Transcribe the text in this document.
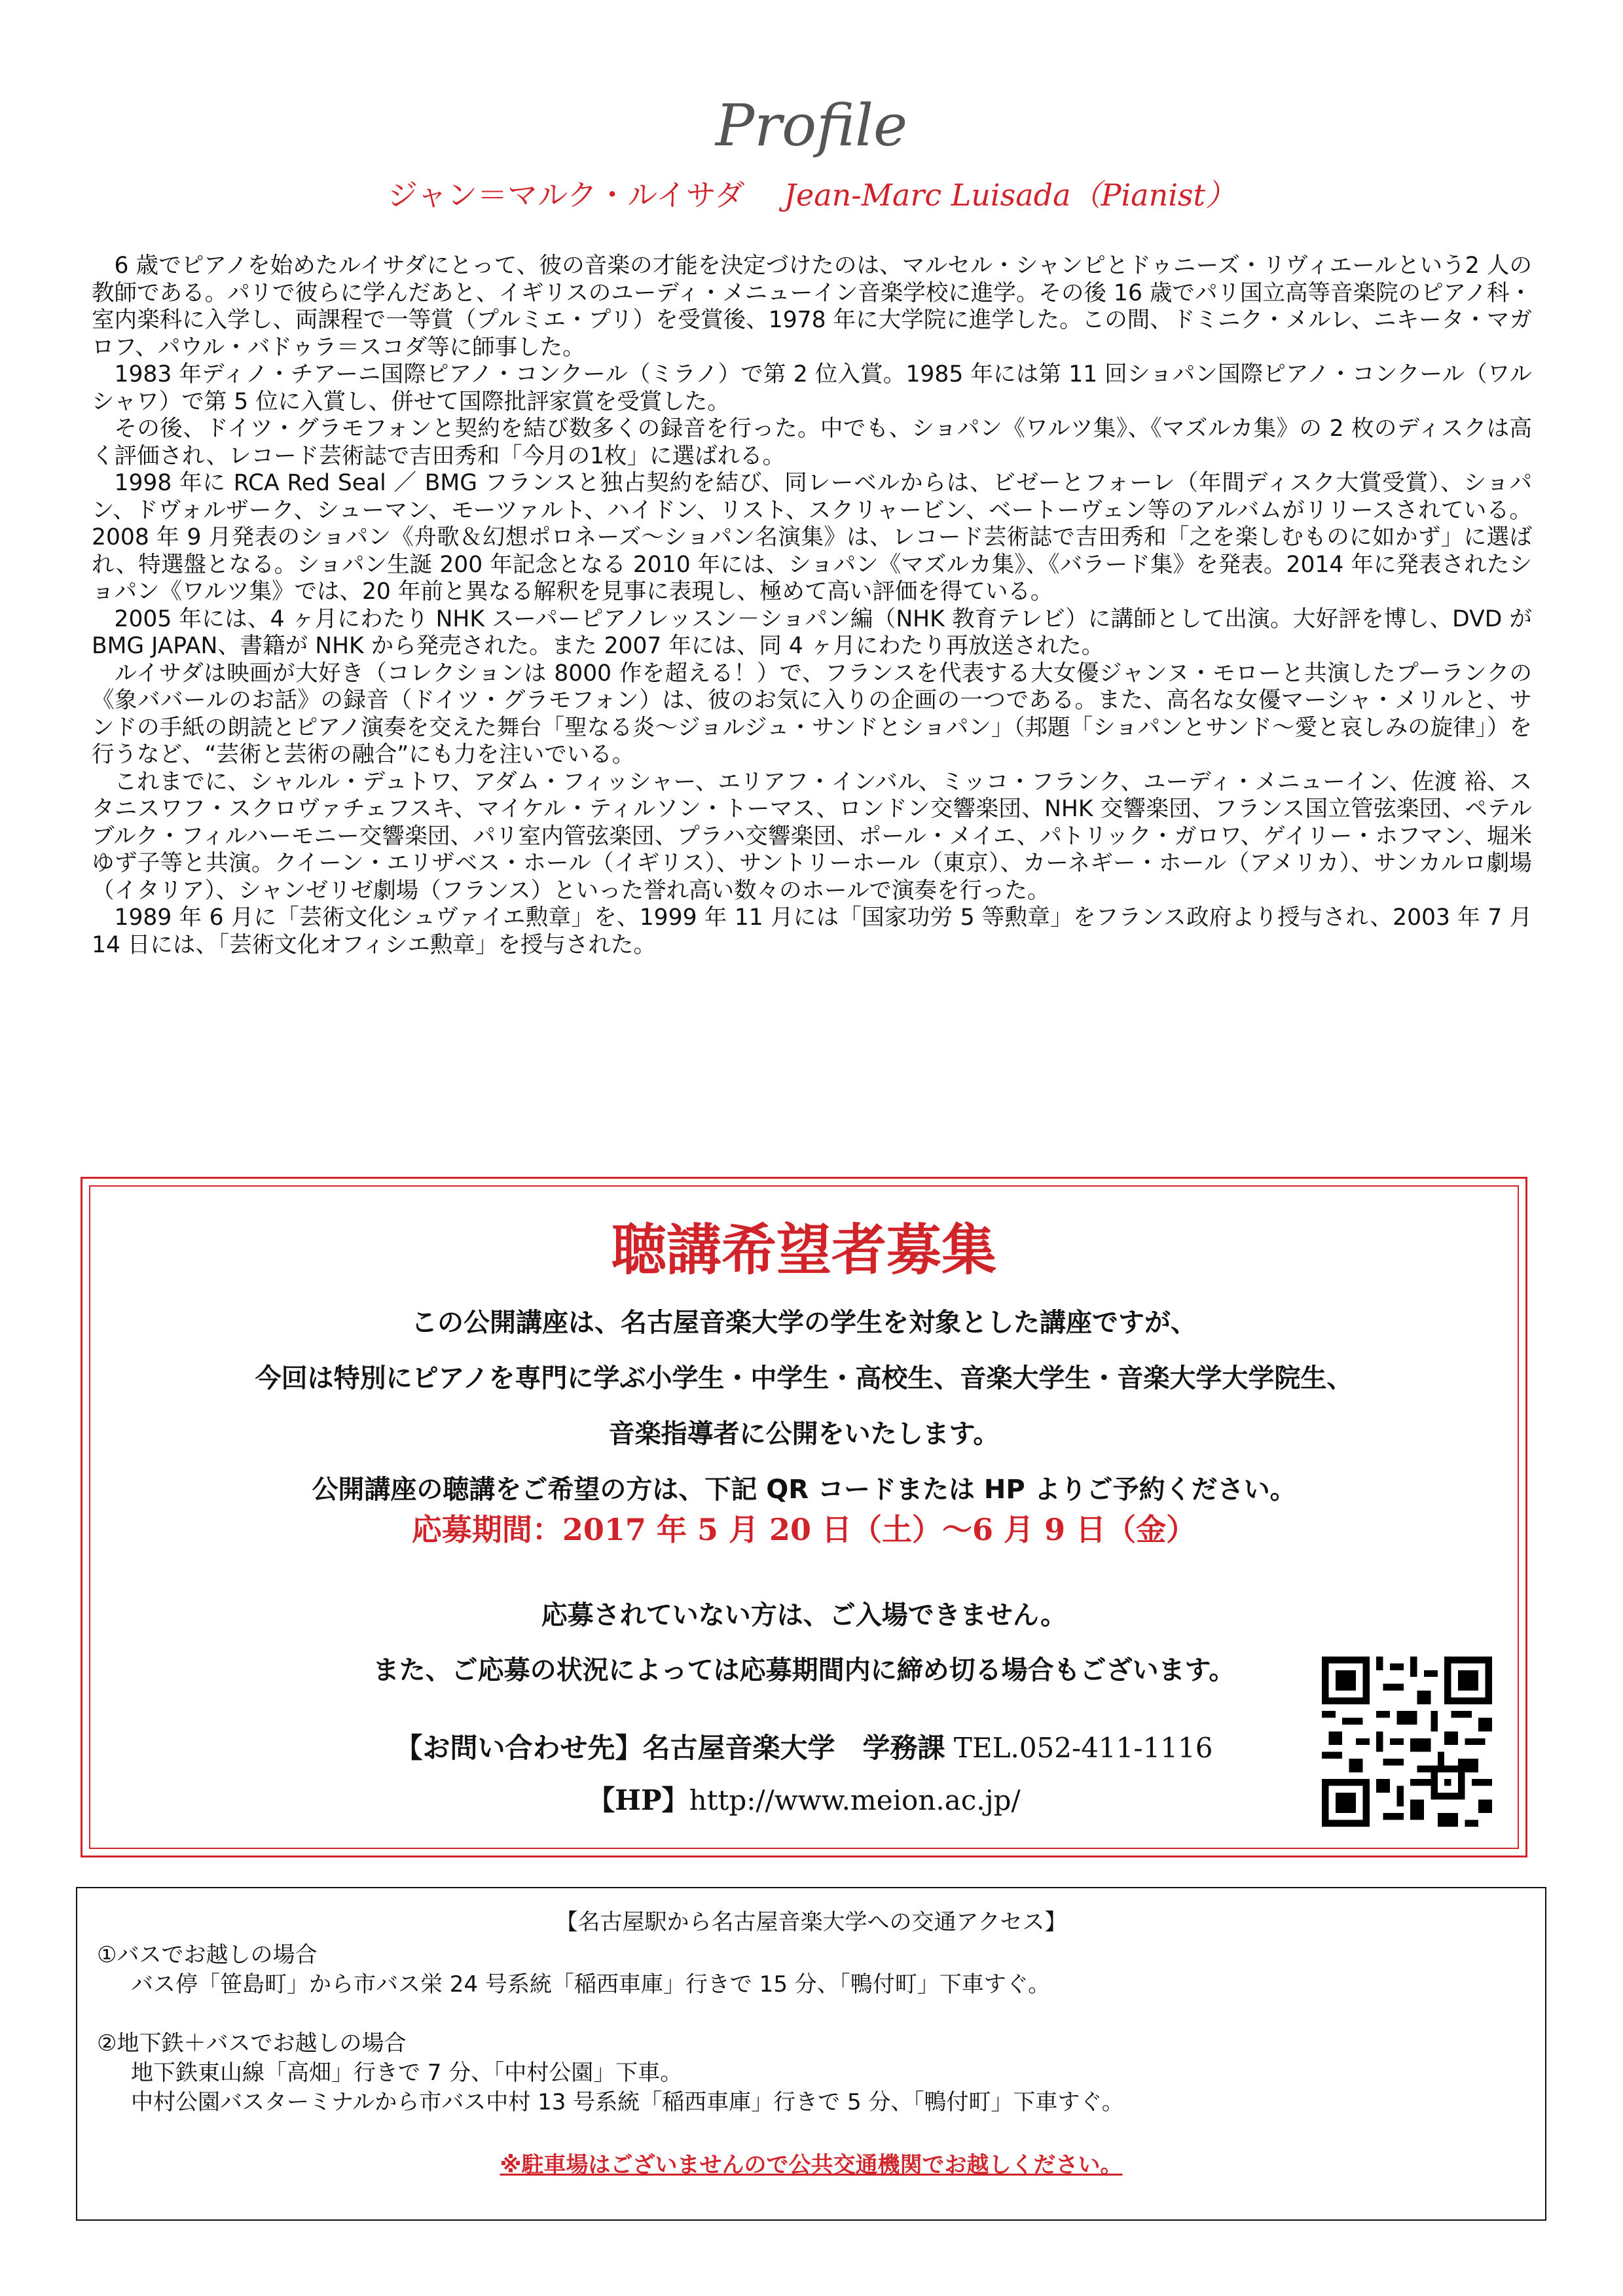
Profile
ジャン＝マルク・ルイサダ Jean-Marc Luisada（Pianist）

6 歳でピアノを始めたルイサダにとって、彼の音楽の才能を決定づけたのは、マルセル・シャンピとドゥニーズ・リヴィエールという2 人の教師である。パリで彼らに学んだあと、イギリスのユーディ・メニューイン音楽学校に進学。その後 16 歳でパリ国立高等音楽院のピアノ科・室内楽科に入学し、両課程で一等賞（プルミエ・プリ）を受賞後、1978 年に大学院に進学した。この間、ドミニク・メルレ、ニキータ・マガロフ、パウル・バドゥラ＝スコダ等に師事した。

1983 年ディノ・チアーニ国際ピアノ・コンクール（ミラノ）で第 2 位入賞。1985 年には第 11 回ショパン国際ピアノ・コンクール（ワルシャワ）で第 5 位に入賞し、併せて国際批評家賞を受賞した。

その後、ドイツ・グラモフォンと契約を結び数多くの録音を行った。中でも、ショパン《ワルツ集》、《マズルカ集》の 2 枚のディスクは高く評価され、レコード芸術誌で吉田秀和「今月の1枚」に選ばれる。

1998 年に RCA Red Seal ／ BMG フランスと独占契約を結び、同レーベルからは、ビゼーとフォーレ（年間ディスク大賞受賞）、ショパン、ドヴォルザーク、シューマン、モーツァルト、ハイドン、リスト、スクリャービン、ベートーヴェン等のアルバムがリリースされている。2008 年 9 月発表のショパン《舟歌＆幻想ポロネーズ～ショパン名演集》は、レコード芸術誌で吉田秀和「之を楽しむものに如かず」に選ばれ、特選盤となる。ショパン生誕 200 年記念となる 2010 年には、ショパン《マズルカ集》、《バラード集》を発表。2014 年に発表されたショパン《ワルツ集》では、20 年前と異なる解釈を見事に表現し、極めて高い評価を得ている。

2005 年には、4 ヶ月にわたり NHK スーパーピアノレッスン－ショパン編（NHK 教育テレビ）に講師として出演。大好評を博し、DVD が BMG JAPAN、書籍が NHK から発売された。また 2007 年には、同 4 ヶ月にわたり再放送された。

ルイサダは映画が大好き（コレクションは 8000 作を超える！）で、フランスを代表する大女優ジャンヌ・モローと共演したプーランクの《象ババールのお話》の録音（ドイツ・グラモフォン）は、彼のお気に入りの企画の一つである。また、高名な女優マーシャ・メリルと、サンドの手紙の朗読とピアノ演奏を交えた舞台「聖なる炎～ジョルジュ・サンドとショパン」（邦題「ショパンとサンド～愛と哀しみの旋律」）を行うなど、“芸術と芸術の融合”にも力を注いでいる。

これまでに、シャルル・デュトワ、アダム・フィッシャー、エリアフ・インバル、ミッコ・フランク、ユーディ・メニューイン、佐渡 裕、スタニスワフ・スクロヴァチェフスキ、マイケル・ティルソン・トーマス、ロンドン交響楽団、NHK 交響楽団、フランス国立管弦楽団、ペテルブルク・フィルハーモニー交響楽団、パリ室内管弦楽団、プラハ交響楽団、ポール・メイエ、パトリック・ガロワ、ゲイリー・ホフマン、堀米 ゆず子等と共演。クイーン・エリザベス・ホール（イギリス）、サントリーホール（東京）、カーネギー・ホール（アメリカ）、サンカルロ劇場（イタリア）、シャンゼリゼ劇場（フランス）といった誉れ高い数々のホールで演奏を行った。

1989 年 6 月に「芸術文化シュヴァイエ勲章」を、1999 年 11 月には「国家功労 5 等勲章」をフランス政府より授与され、2003 年 7 月 14 日には、「芸術文化オフィシエ勲章」を授与された。

聴講希望者募集
この公開講座は、名古屋音楽大学の学生を対象とした講座ですが、
今回は特別にピアノを専門に学ぶ小学生・中学生・高校生、音楽大学生・音楽大学大学院生、
音楽指導者に公開をいたします。
公開講座の聴講をご希望の方は、下記 QR コードまたは HP よりご予約ください。
応募期間：2017 年 5 月 20 日（土）～6 月 9 日（金）
応募されていない方は、ご入場できません。
また、ご応募の状況によっては応募期間内に締め切る場合もございます。
【お問い合わせ先】名古屋音楽大学　学務課 TEL.052-411-1116
【HP】http://www.meion.ac.jp/
【名古屋駅から名古屋音楽大学への交通アクセス】
①バスでお越しの場合
バス停「笹島町」から市バス栄 24 号系統「稲西車庫」行きで 15 分、「鴨付町」下車すぐ。
②地下鉄＋バスでお越しの場合
地下鉄東山線「高畑」行きで 7 分、「中村公園」下車。
中村公園バスターミナルから市バス中村 13 号系統「稲西車庫」行きで 5 分、「鴨付町」下車すぐ。
※駐車場はございませんので公共交通機関でお越しください。
